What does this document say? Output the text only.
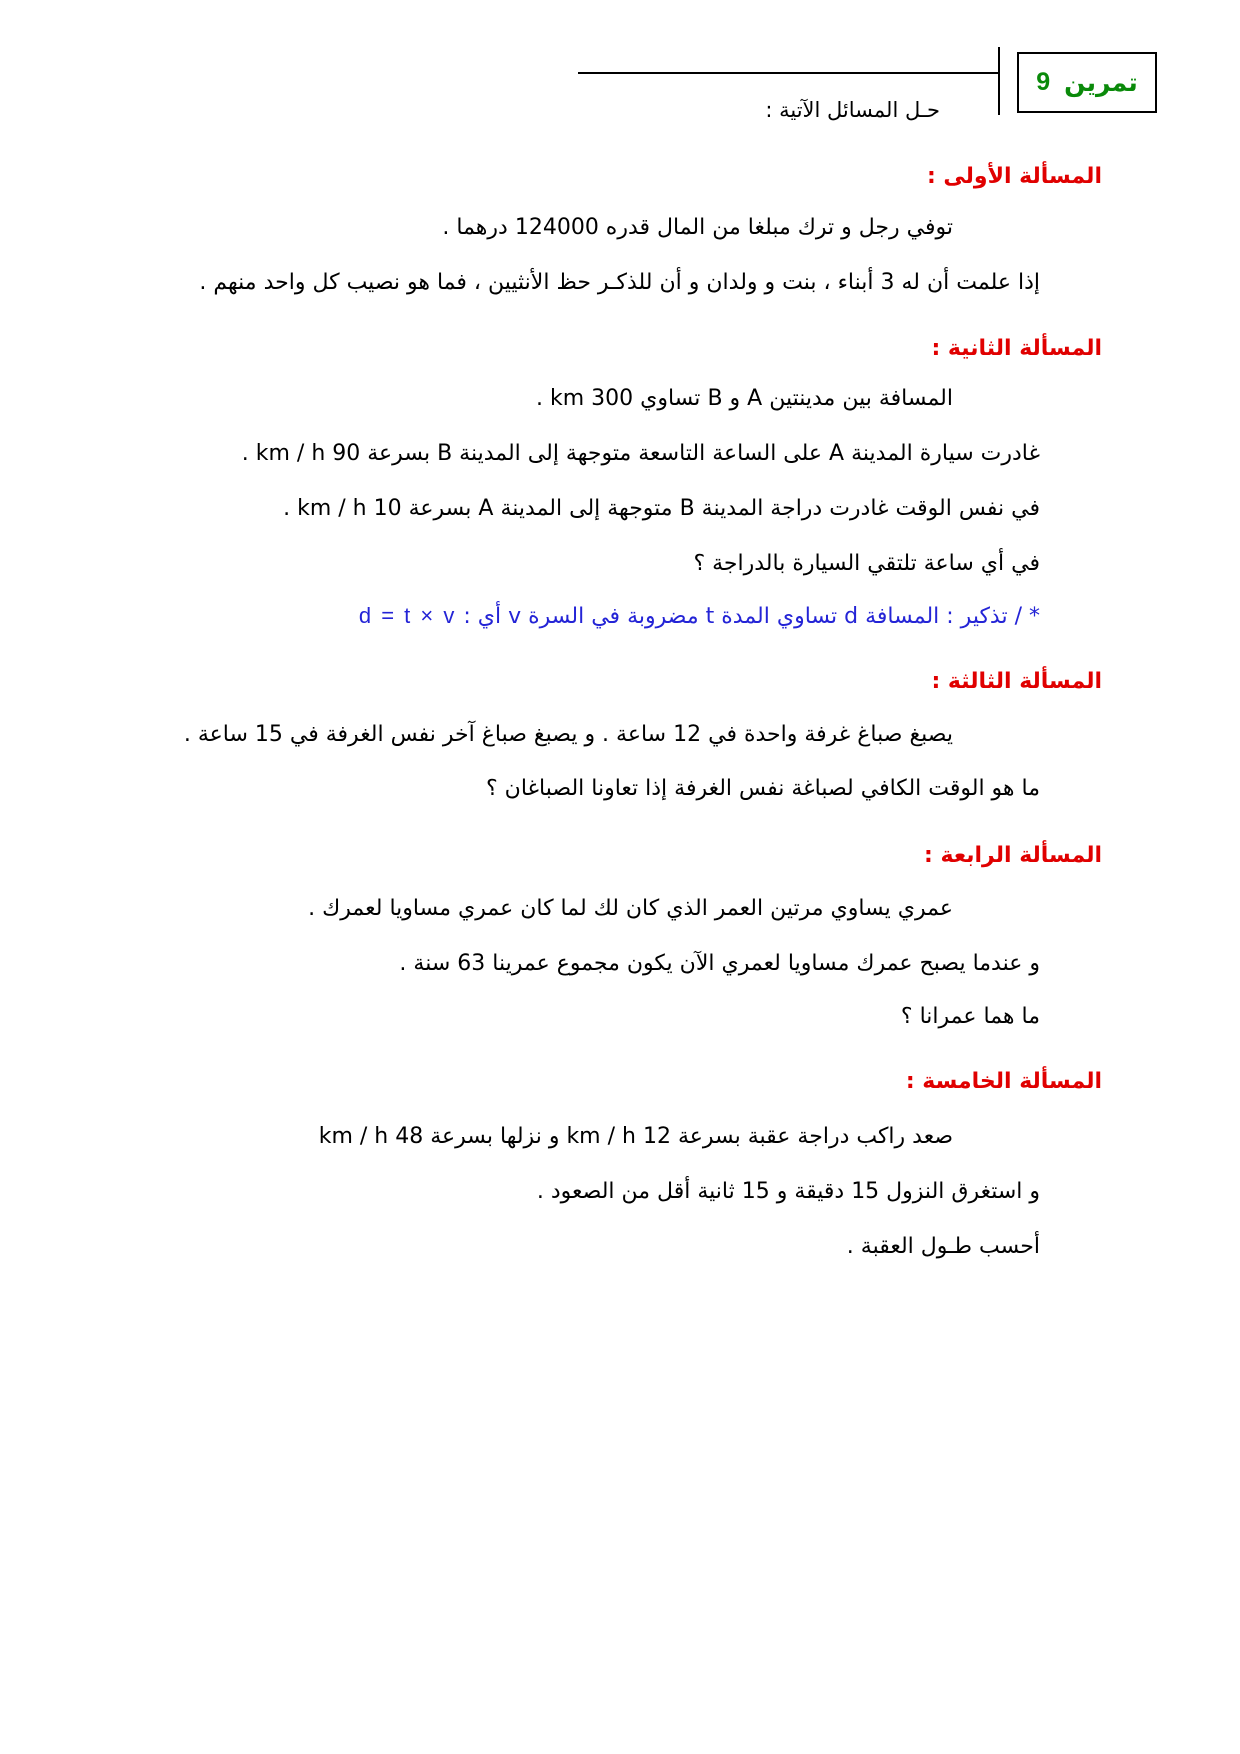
تمرين
9
حـل المسائل الآتية :
المسألة الأولى :
توفي رجل و ترك مبلغا من المال قدره 124000 درهما .
إذا علمت أن له 3 أبناء ، بنت و ولدان و أن للذكـر حظ الأنثيين ، فما هو نصيب كل واحد منهم .
المسألة الثانية :
المسافة بين مدينتين A و B تساوي 300 km .
غادرت سيارة المدينة A على الساعة التاسعة متوجهة إلى المدينة B بسرعة 90 km / h .
في نفس الوقت غادرت دراجة المدينة B متوجهة إلى المدينة A بسرعة 10 km / h .
في أي ساعة تلتقي السيارة بالدراجة ؟
* / تذكير : المسافة d تساوي المدة t مضروبة في السرة v أي : d = t × v
المسألة الثالثة :
يصبغ صباغ غرفة واحدة في 12 ساعة . و يصبغ صباغ آخر نفس الغرفة في 15 ساعة .
ما هو الوقت الكافي لصباغة نفس الغرفة إذا تعاونا الصباغان ؟
المسألة الرابعة :
عمري يساوي مرتين العمر الذي كان لك لما كان عمري مساويا لعمرك .
و عندما يصبح عمرك مساويا لعمري الآن يكون مجموع عمرينا 63 سنة .
ما هما عمرانا ؟
المسألة الخامسة :
صعد راكب دراجة عقبة بسرعة 12 km / h و نزلها بسرعة 48 km / h
و استغرق النزول 15 دقيقة و 15 ثانية أقل من الصعود .
أحسب طـول العقبة .
